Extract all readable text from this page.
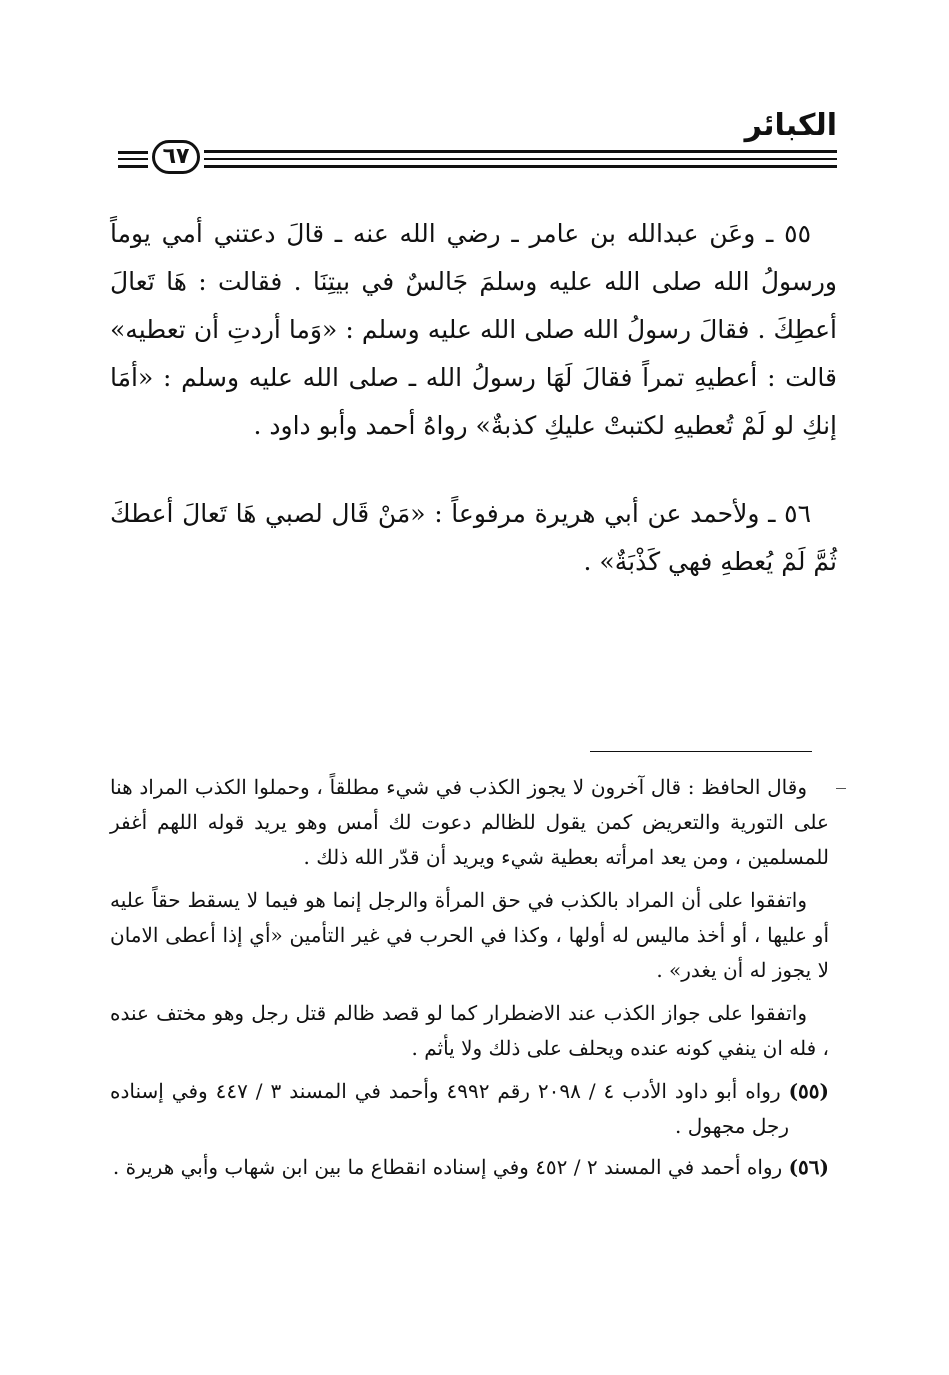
الكبائر
٦٧

٥٥ ـ وعَن عبدالله بن عامر ـ رضي الله عنه ـ قالَ دعتني أمي يوماً ورسولُ الله صلى الله عليه وسلمَ جَالسٌ في بيتِنَا . فقالت : هَا تَعالَ أعطِكَ . فقالَ رسولُ الله صلى الله عليه وسلم : «وَما أردتِ أن تعطيه» قالت : أعطيهِ تمراً فقالَ لَهَا رسولُ الله ـ صلى الله عليه وسلم : «أمَا إنكِ لو لَمْ تُعطيهِ لكتبتْ عليكِ كذبةٌ» رواهُ أحمد وأبو داود .

٥٦ ـ ولأحمد عن أبي هريرة مرفوعاً : «مَنْ قَال لصبي هَا تَعالَ أعطكَ ثُمَّ لَمْ يُعطهِ فهي كَذْبَةٌ» .

وقال الحافظ : قال آخرون لا يجوز الكذب في شيء مطلقاً ، وحملوا الكذب المراد هنا على التورية والتعريض كمن يقول للظالم دعوت لك أمس وهو يريد قوله اللهم أغفر للمسلمين ، ومن يعد امرأته بعطية شيء ويريد أن قدّر الله ذلك .

واتفقوا على أن المراد بالكذب في حق المرأة والرجل إنما هو فيما لا يسقط حقاً عليه أو عليها ، أو أخذ ماليس له أولها ، وكذا في الحرب في غير التأمين «أي إذا أعطى الامان لا يجوز له أن يغدر» .

واتفقوا على جواز الكذب عند الاضطرار كما لو قصد ظالم قتل رجل وهو مختف عنده ، فله ان ينفي كونه عنده ويحلف على ذلك ولا يأثم .

(٥٥) رواه أبو داود الأدب ٤ / ٢٠٩٨ رقم ٤٩٩٢ وأحمد في المسند ٣ / ٤٤٧ وفي إسناده رجل مجهول .

(٥٦) رواه أحمد في المسند ٢ / ٤٥٢ وفي إسناده انقطاع ما بين ابن شهاب وأبي هريرة .
